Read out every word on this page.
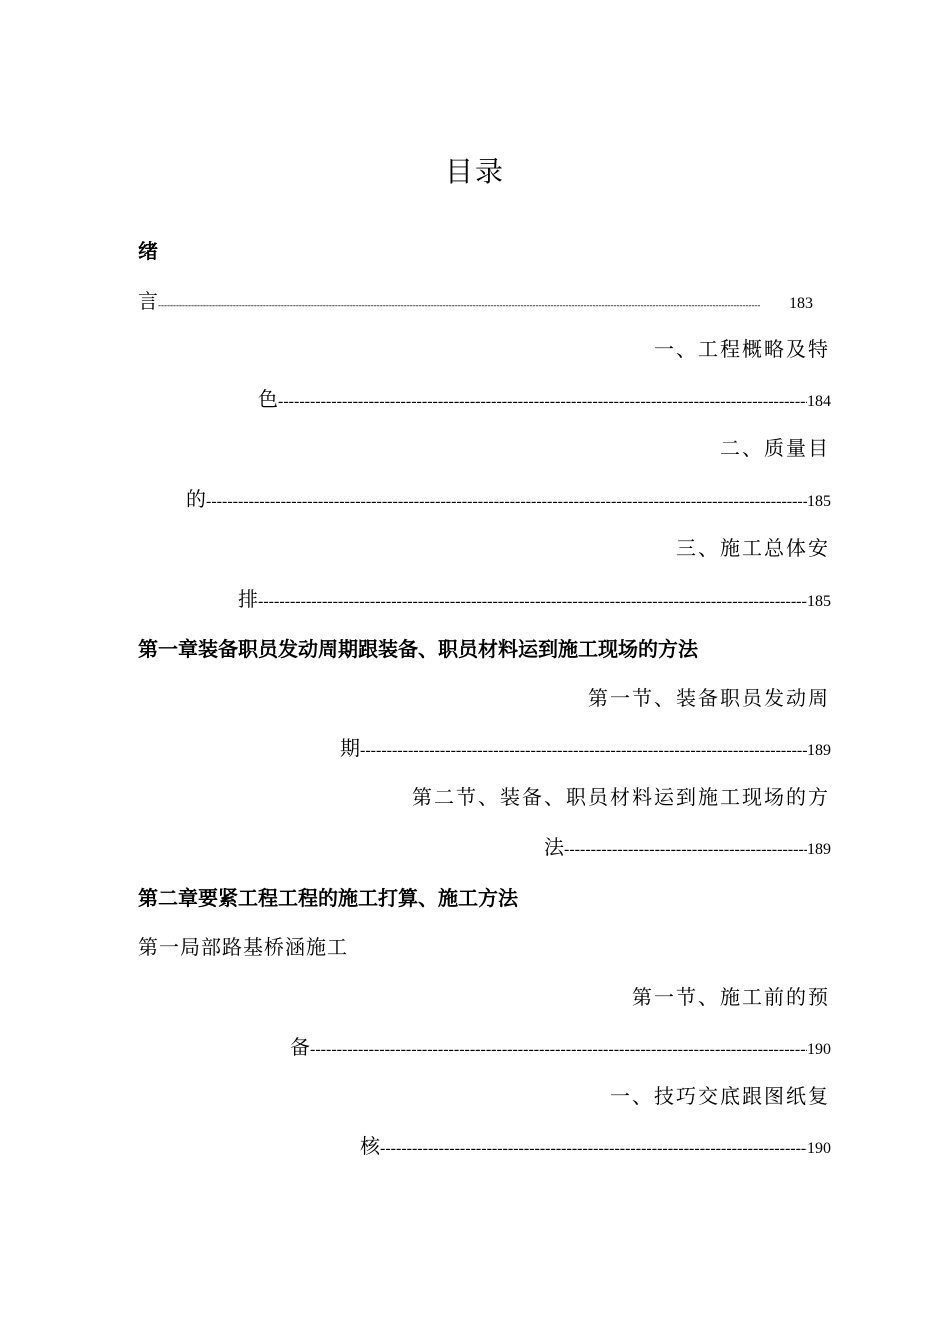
目录
绪
言 -----	183
一、工程概略及特
色 -----	184
二、质量目
的 -----	185
三、施工总体安
排 -----	185
第一章装备职员发动周期跟装备、职员材料运到施工现场的方法
第一节、装备职员发动周
期 -----	189
第二节、装备、职员材料运到施工现场的方
法 -----	189
第二章要紧工程工程的施工打算、施工方法
第一局部路基桥涵施工
第一节、施工前的预
备 -----	190
一、技巧交底跟图纸复
核 -----	190
